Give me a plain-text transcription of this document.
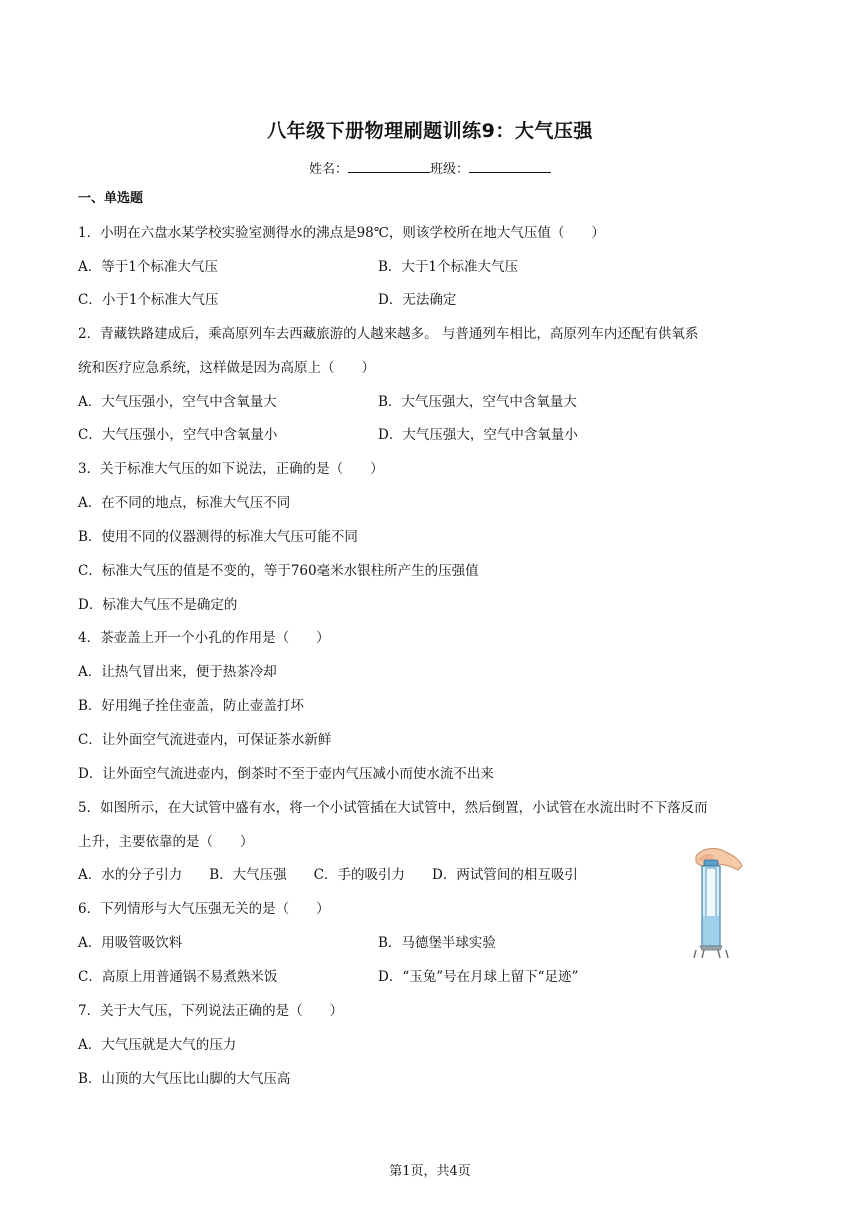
八年级下册物理刷题训练9：大气压强
姓名：	班级：
一、单选题
1．小明在六盘水某学校实验室测得水的沸点是98℃，则该学校所在地大气压值（　　）
A．等于1个标准大气压	B．大于1个标准大气压
C．小于1个标准大气压	D．无法确定
2．青藏铁路建成后，乘高原列车去西藏旅游的人越来越多。 与普通列车相比，高原列车内还配有供氧系
统和医疗应急系统，这样做是因为高原上（　　）
A．大气压强小，空气中含氧量大	B．大气压强大，空气中含氧量大
C．大气压强小，空气中含氧量小	D．大气压强大，空气中含氧量小
3．关于标准大气压的如下说法，正确的是（　　）
A．在不同的地点，标准大气压不同
B．使用不同的仪器测得的标准大气压可能不同
C．标准大气压的值是不变的，等于760毫米水银柱所产生的压强值
D．标准大气压不是确定的
4．茶壶盖上开一个小孔的作用是（　　）
A．让热气冒出来，便于热茶冷却
B．好用绳子拴住壶盖，防止壶盖打坏
C．让外面空气流进壶内，可保证茶水新鲜
D．让外面空气流进壶内，倒茶时不至于壶内气压减小而使水流不出来
5．如图所示，在大试管中盛有水，将一个小试管插在大试管中，然后倒置，小试管在水流出时不下落反而
上升，主要依靠的是（　　）
A．水的分子引力　　B．大气压强　　C．手的吸引力　　D．两试管间的相互吸引
6．下列情形与大气压强无关的是（　　）
A．用吸管吸饮料	B．马德堡半球实验
C．高原上用普通锅不易煮熟米饭	D．“玉兔”号在月球上留下“足迹”
7．关于大气压，下列说法正确的是（　　）
A．大气压就是大气的压力
B．山顶的大气压比山脚的大气压高
第1页，共4页
